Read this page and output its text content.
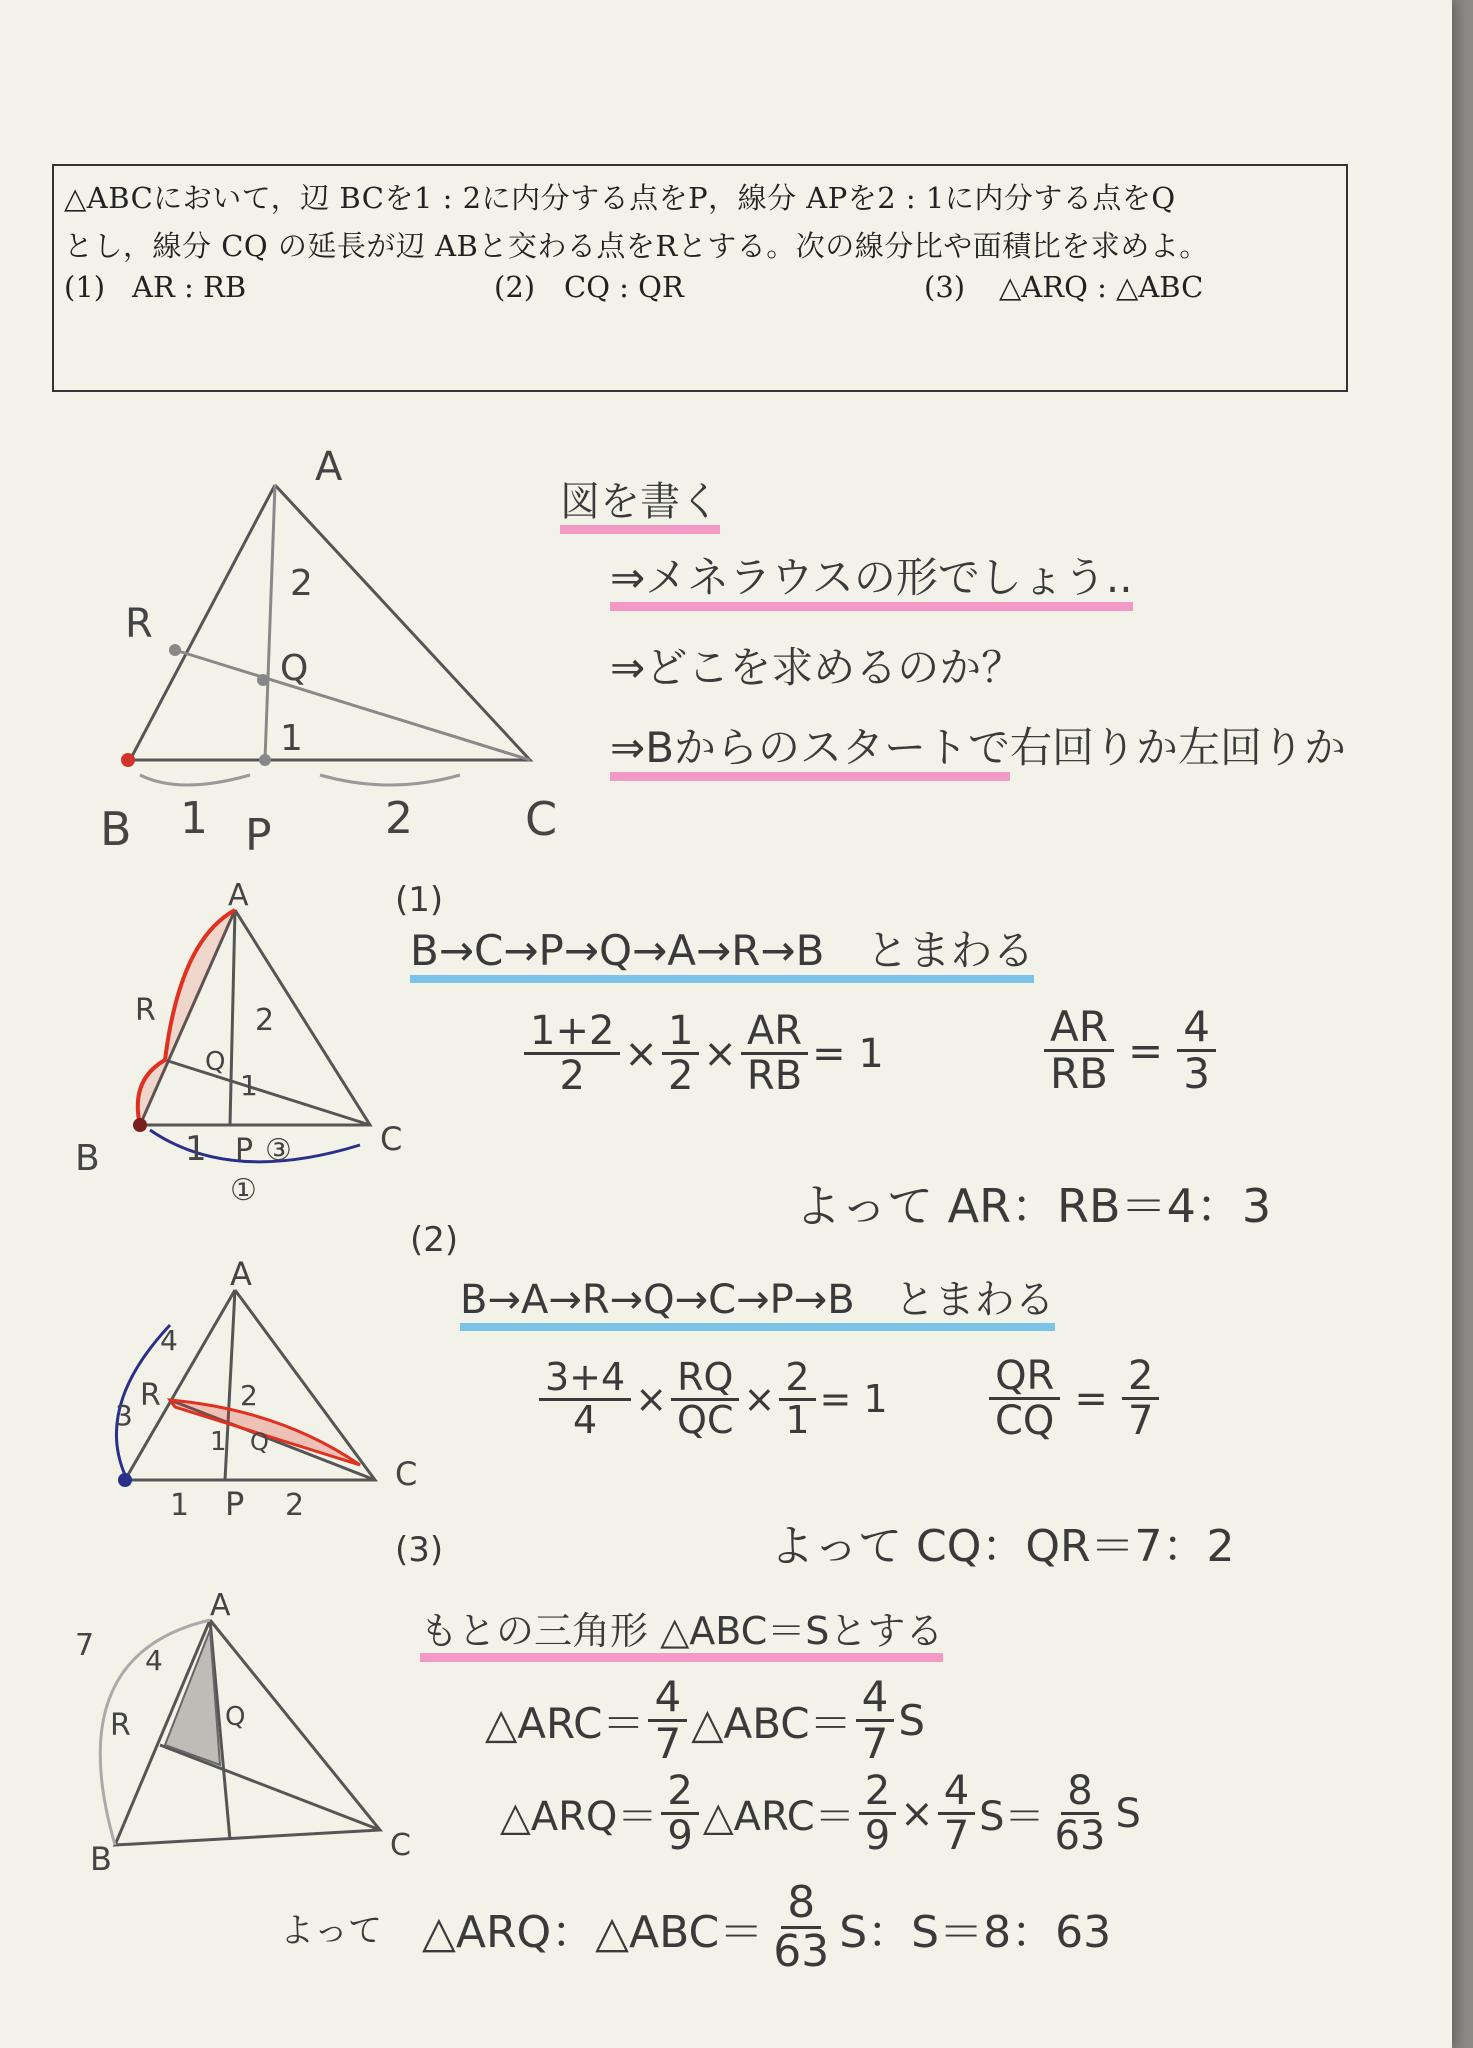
△ABCにおいて，辺 BCを1 : 2に内分する点をP，線分 APを2 : 1に内分する点をQ

とし，線分 CQ の延長が辺 ABと交わる点をRとする。次の線分比や面積比を求めよ。

(1) AR : RB	(2) CQ : QR	(3) △ARQ : △ABC
A
B	C
P
Q
R
1	2
2
1
図を書く
⇒メネラウスの形でしょう..
⇒どこを求めるのか？
⇒Bからのスタートで右回りか左回りか
A
B	C
R
Q
2
1
1 P ③
①
(1)
B→C→P→Q→A→R→B　とまわる
$\frac{1+2}{2} \times \frac{1}{2} \times \frac{AR}{RB} = 1$	$\frac{AR}{RB} = \frac{4}{3}$
よって AR：RB＝4：3
A
C
R
Q
P
4
3
2
1
1	2
(2)
B→A→R→Q→C→P→B　とまわる
$\frac{3+4}{4} \times \frac{RQ}{QC} \times \frac{2}{1} = 1$	$\frac{QR}{CQ} = \frac{2}{7}$
よって CQ：QR＝7：2
A
B	C
R	Q
7 4
(3)
もとの三角形 △ABC＝Sとする
△ARC＝ $\frac{4}{7}$ △ABC＝ $\frac{4}{7}$ S
△ARQ＝ $\frac{2}{9}$ △ARC＝ $\frac{2}{9} \times \frac{4}{7} S= \frac{8}{63}$ S
よって △ARQ：△ABC＝ $\frac{8}{63}$ S：S＝8：63
